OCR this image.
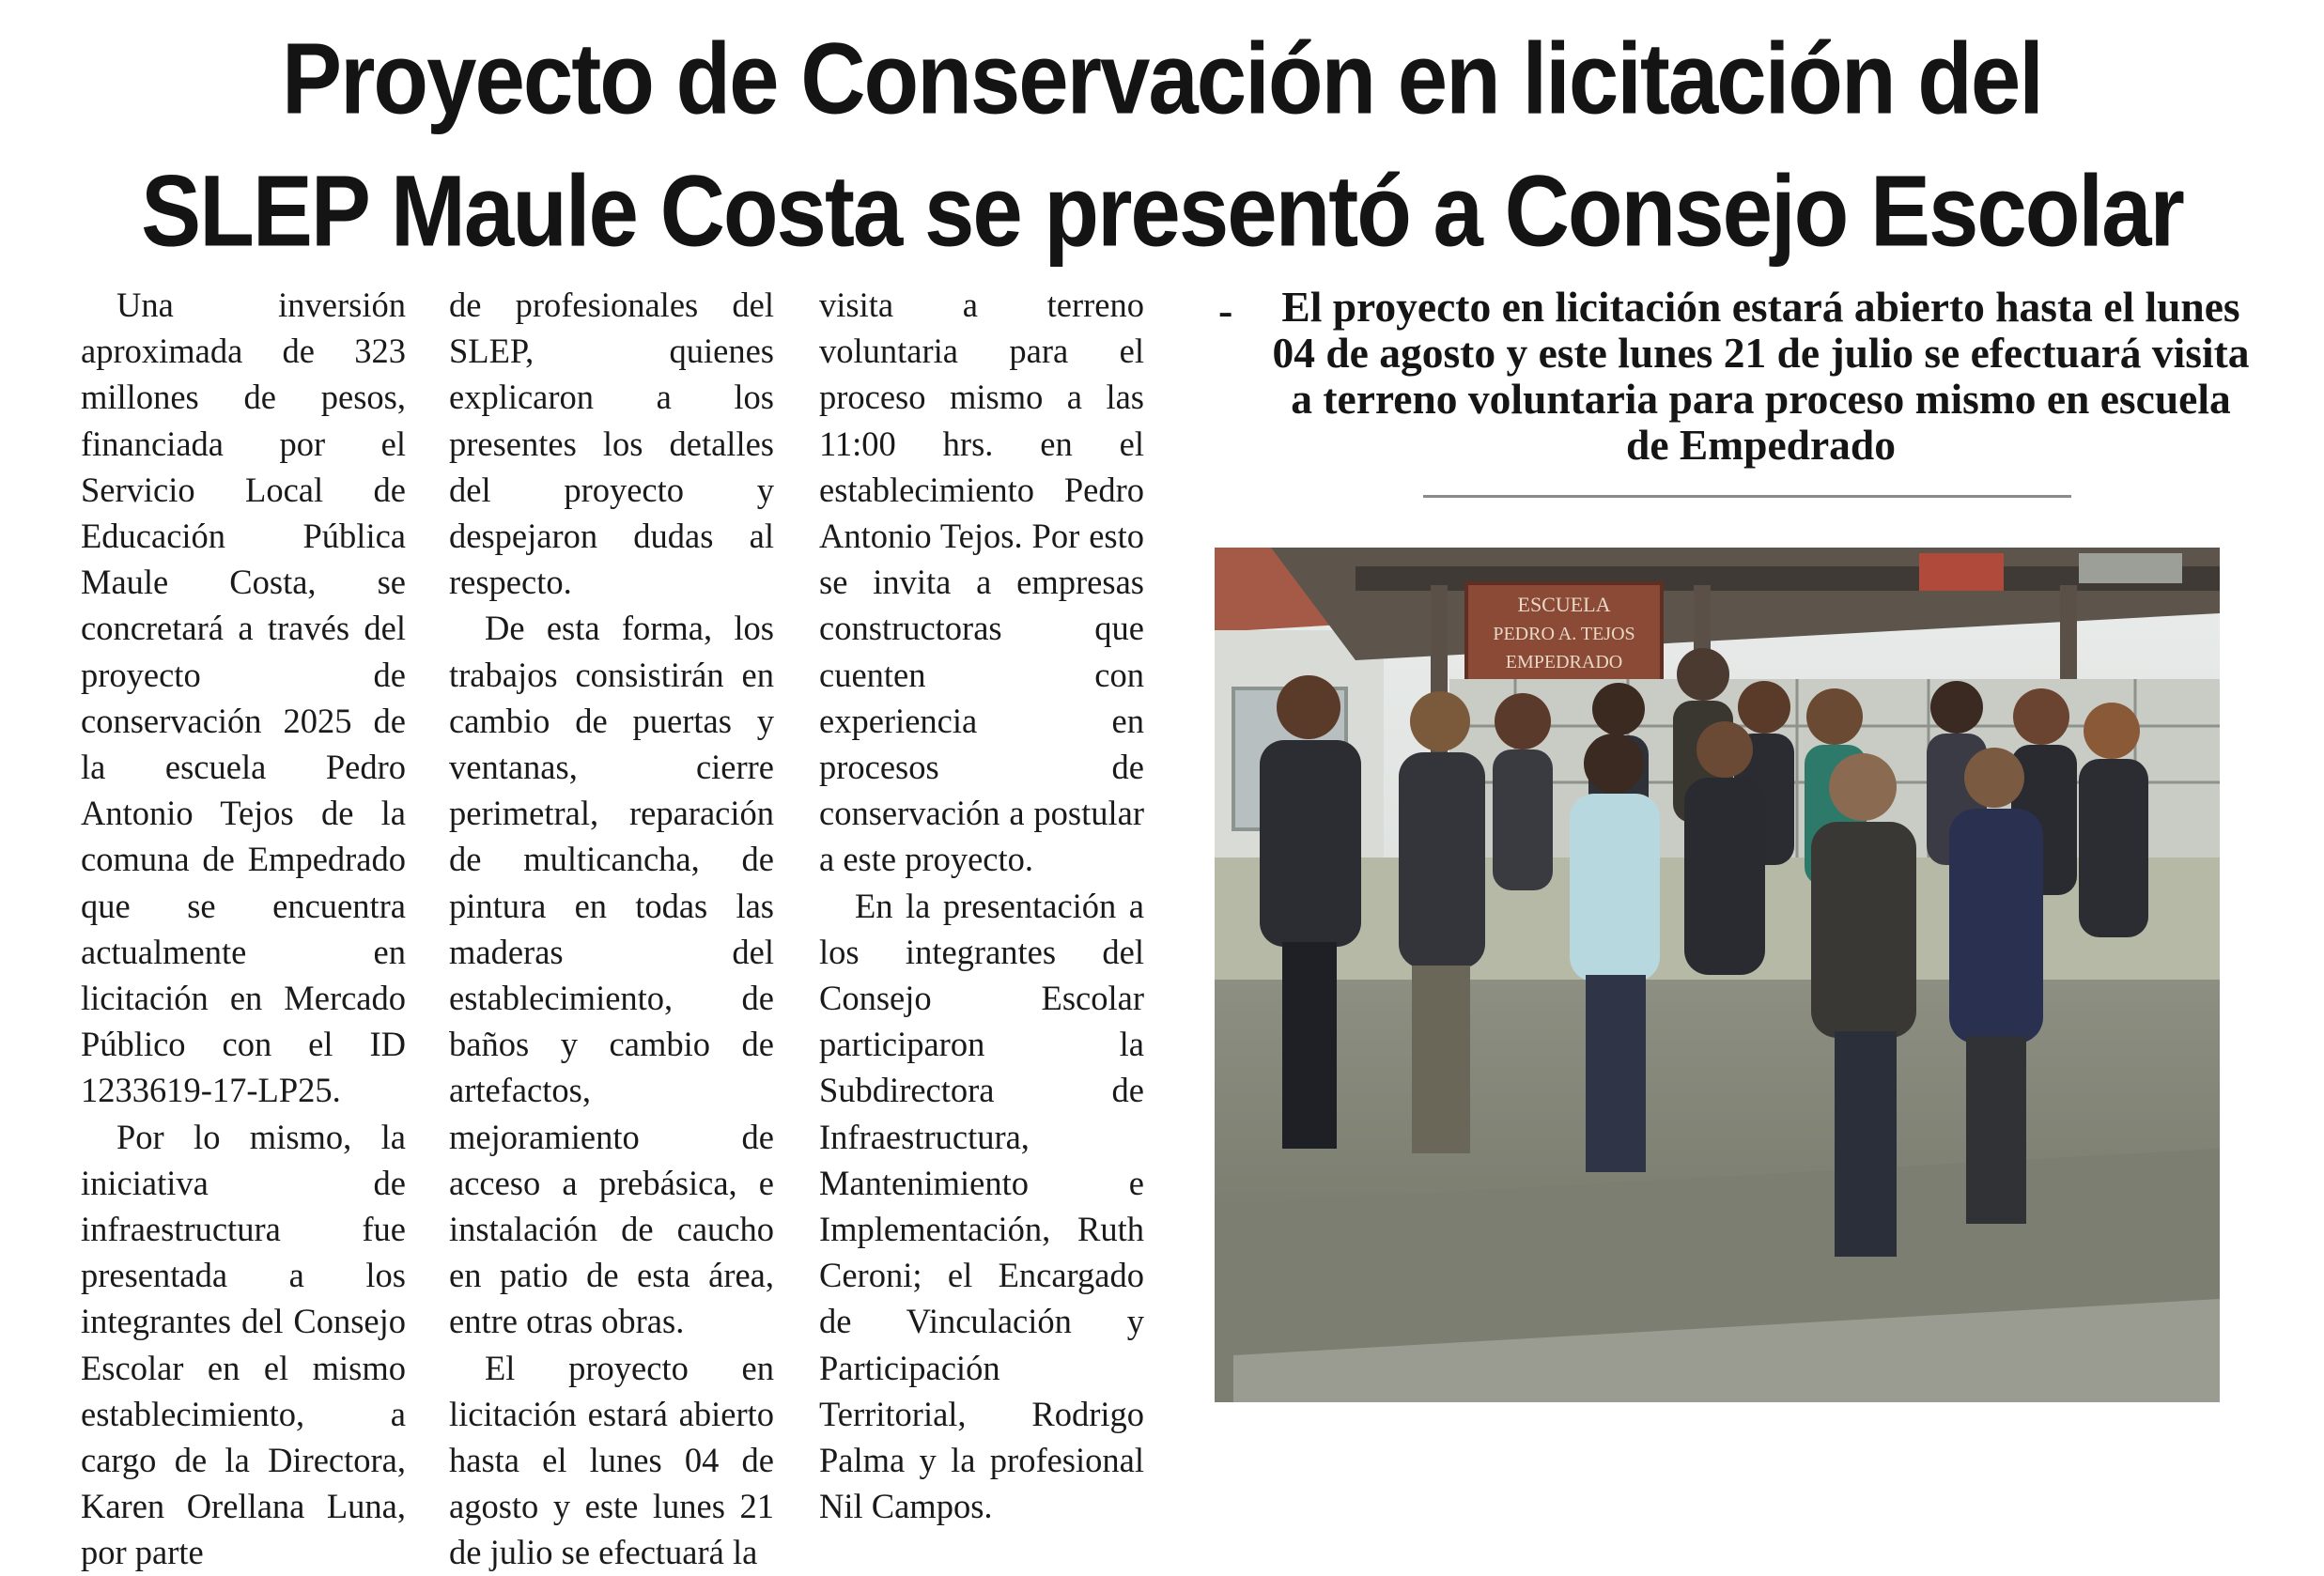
Proyecto de Conservación en licitación del
SLEP Maule Costa se presentó a Consejo Escolar

Una inversión aproximada de 323 millones de pesos, financiada por el Servicio Local de Educación Pública Maule Costa, se concretará a través del proyecto de conservación 2025 de la escuela Pedro Antonio Tejos de la comuna de Empedrado que se encuentra actualmente en licitación en Mercado Público con el ID 1233619-17-LP25.

Por lo mismo, la iniciativa de infraestructura fue presentada a los integrantes del Consejo Escolar en el mismo establecimiento, a cargo de la Directora, Karen Orellana Luna, por parte

de profesionales del SLEP, quienes explicaron a los presentes los detalles del proyecto y despejaron dudas al respecto.

De esta forma, los trabajos consistirán en cambio de puertas y ventanas, cierre perimetral, reparación de multicancha, de pintura en todas las maderas del establecimiento, de baños y cambio de artefactos, mejoramiento de acceso a prebásica, e instalación de caucho en patio de esta área, entre otras obras.

El proyecto en licitación estará abierto hasta el lunes 04 de agosto y este lunes 21 de julio se efectuará la

visita a terreno voluntaria para el proceso mismo a las 11:00 hrs. en el establecimiento Pedro Antonio Tejos. Por esto se invita a empresas constructoras que cuenten con experiencia en procesos de conservación a postular a este proyecto.

En la presentación a los integrantes del Consejo Escolar participaron la Subdirectora de Infraestructura, Mantenimiento e Implementación, Ruth Ceroni; el Encargado de Vinculación y Participación Territorial, Rodrigo Palma y la profesional Nil Campos.

- El proyecto en licitación estará abierto hasta el lunes 04 de agosto y este lunes 21 de julio se efectuará visita a terreno voluntaria para proceso mismo en escuela de Empedrado

ESCUELA
PEDRO A. TEJOS
EMPEDRADO
